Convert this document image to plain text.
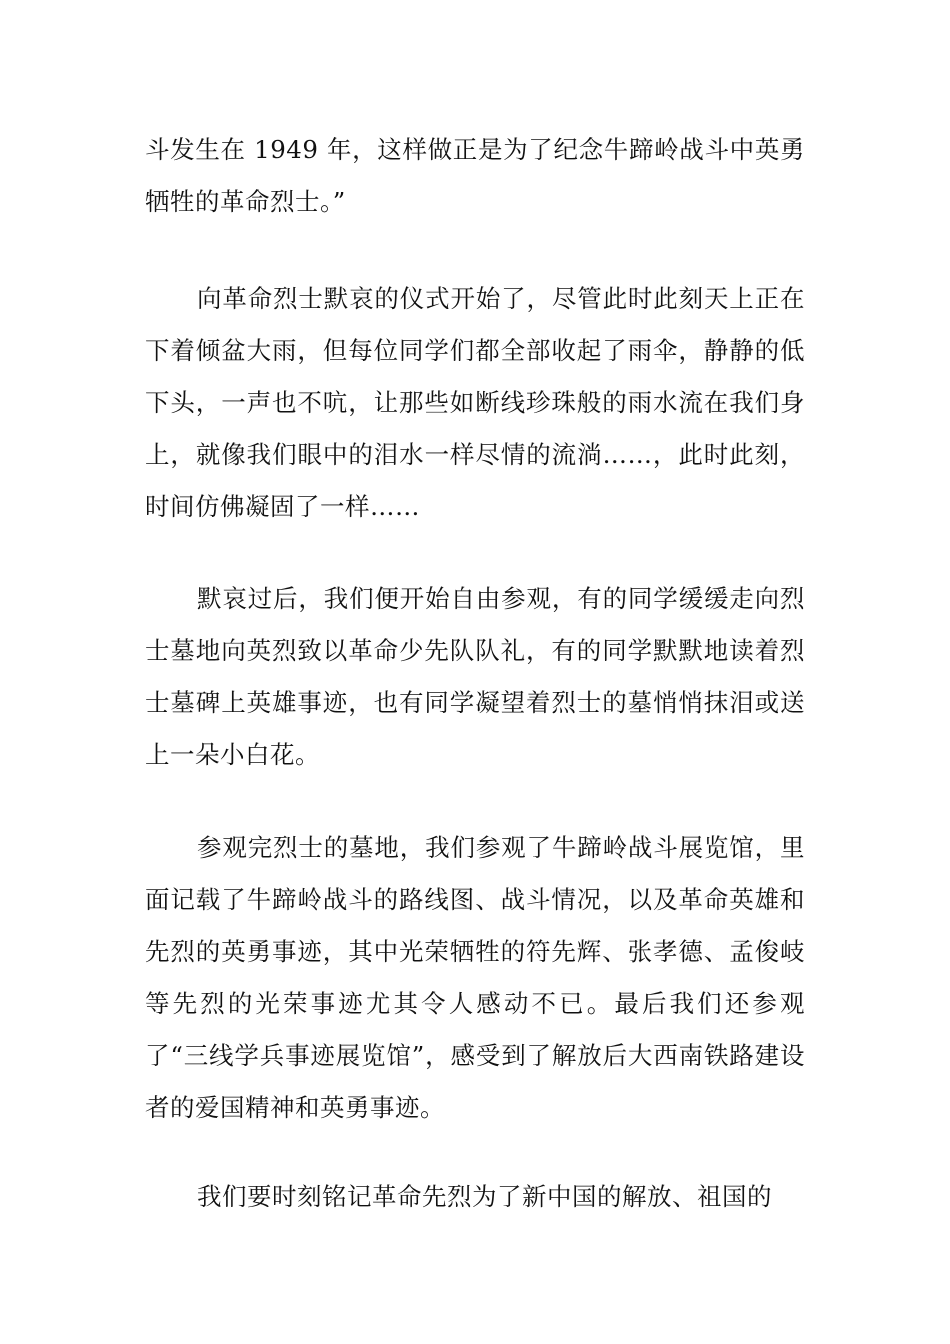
斗发生在 1949 年，这样做正是为了纪念牛蹄岭战斗中英勇牺牲的革命烈士。”

向革命烈士默哀的仪式开始了，尽管此时此刻天上正在下着倾盆大雨，但每位同学们都全部收起了雨伞，静静的低下头，一声也不吭，让那些如断线珍珠般的雨水流在我们身上，就像我们眼中的泪水一样尽情的流淌……，此时此刻，时间仿佛凝固了一样……

默哀过后，我们便开始自由参观，有的同学缓缓走向烈士墓地向英烈致以革命少先队队礼，有的同学默默地读着烈士墓碑上英雄事迹，也有同学凝望着烈士的墓悄悄抹泪或送上一朵小白花。

参观完烈士的墓地，我们参观了牛蹄岭战斗展览馆，里面记载了牛蹄岭战斗的路线图、战斗情况，以及革命英雄和先烈的英勇事迹，其中光荣牺牲的符先辉、张孝德、孟俊岐等先烈的光荣事迹尤其令人感动不已。最后我们还参观了“三线学兵事迹展览馆”，感受到了解放后大西南铁路建设者的爱国精神和英勇事迹。

我们要时刻铭记革命先烈为了新中国的解放、祖国的
